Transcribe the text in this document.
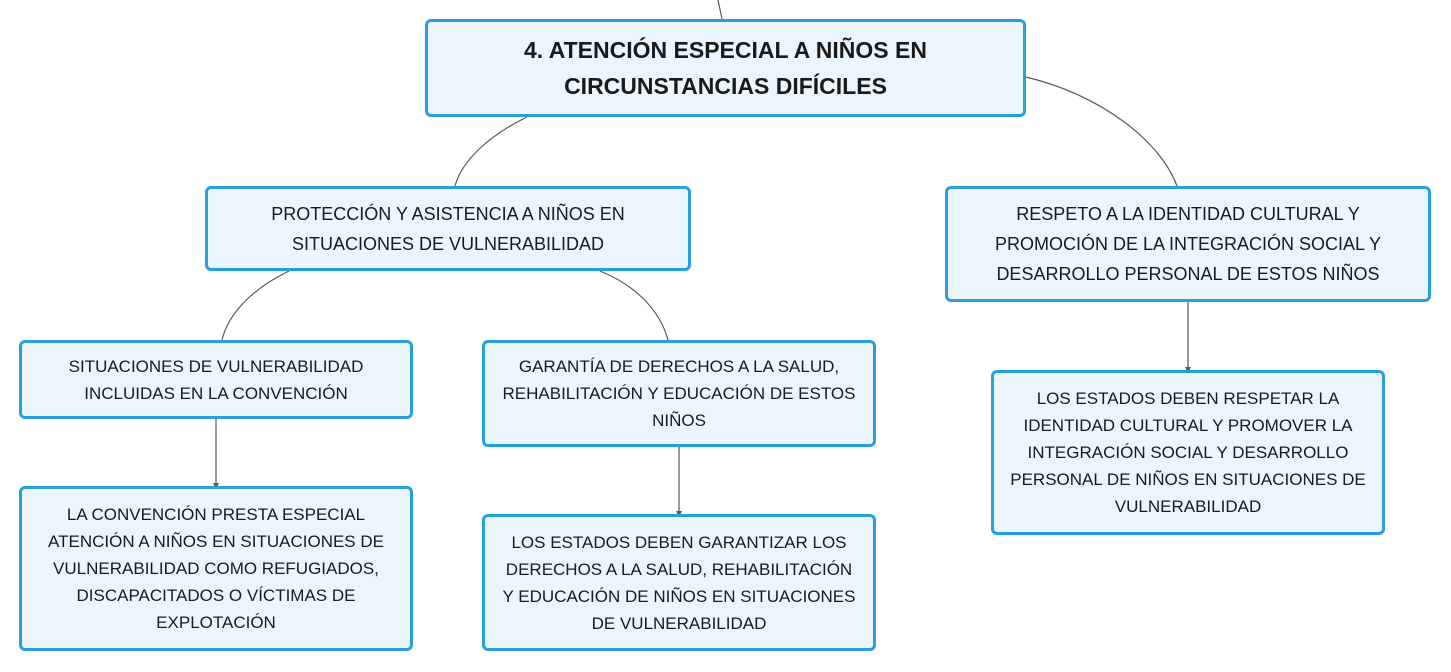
4. ATENCIÓN ESPECIAL A NIÑOS EN CIRCUNSTANCIAS DIFÍCILES
PROTECCIÓN Y ASISTENCIA A NIÑOS EN SITUACIONES DE VULNERABILIDAD
RESPETO A LA IDENTIDAD CULTURAL Y PROMOCIÓN DE LA INTEGRACIÓN SOCIAL Y DESARROLLO PERSONAL DE ESTOS NIÑOS
SITUACIONES DE VULNERABILIDAD INCLUIDAS EN LA CONVENCIÓN
GARANTÍA DE DERECHOS A LA SALUD, REHABILITACIÓN Y EDUCACIÓN DE ESTOS NIÑOS
LA CONVENCIÓN PRESTA ESPECIAL ATENCIÓN A NIÑOS EN SITUACIONES DE VULNERABILIDAD COMO REFUGIADOS, DISCAPACITADOS O VÍCTIMAS DE EXPLOTACIÓN
LOS ESTADOS DEBEN GARANTIZAR LOS DERECHOS A LA SALUD, REHABILITACIÓN Y EDUCACIÓN DE NIÑOS EN SITUACIONES DE VULNERABILIDAD
LOS ESTADOS DEBEN RESPETAR LA IDENTIDAD CULTURAL Y PROMOVER LA INTEGRACIÓN SOCIAL Y DESARROLLO PERSONAL DE NIÑOS EN SITUACIONES DE VULNERABILIDAD
